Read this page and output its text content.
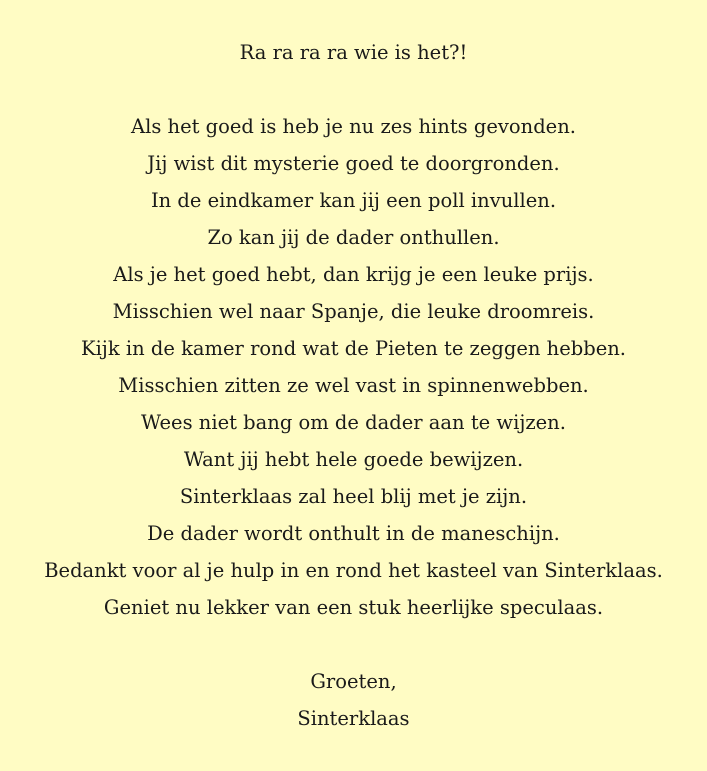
Ra ra ra ra wie is het?!
Als het goed is heb je nu zes hints gevonden.
Jij wist dit mysterie goed te doorgronden.
In de eindkamer kan jij een poll invullen.
Zo kan jij de dader onthullen.
Als je het goed hebt, dan krijg je een leuke prijs.
Misschien wel naar Spanje, die leuke droomreis.
Kijk in de kamer rond wat de Pieten te zeggen hebben.
Misschien zitten ze wel vast in spinnenwebben.
Wees niet bang om de dader aan te wijzen.
Want jij hebt hele goede bewijzen.
Sinterklaas zal heel blij met je zijn.
De dader wordt onthult in de maneschijn.
Bedankt voor al je hulp in en rond het kasteel van Sinterklaas.
Geniet nu lekker van een stuk heerlijke speculaas.
Groeten,
Sinterklaas
